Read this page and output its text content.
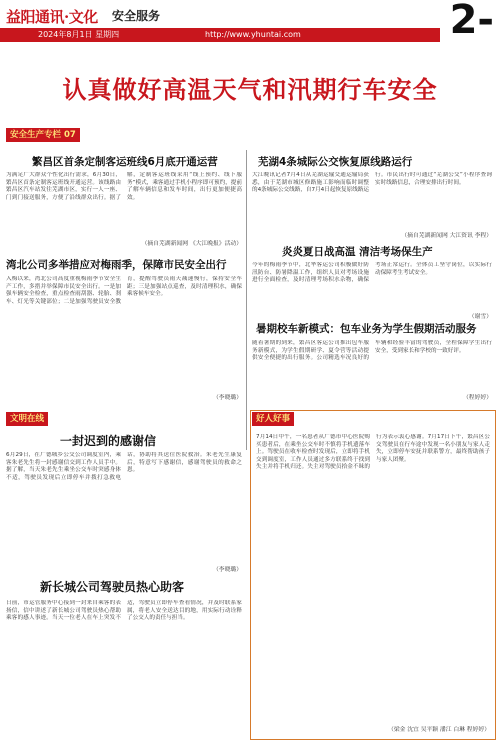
益阳通讯·文化 安全服务	2-
2024年8月1日 星期四	http://www.yhuntai.com
认真做好高温天气和汛期行车安全
安全生产专栏 07
繁昌区首条定制客运班线6月底开通运营
为满足广大群众个性化出行需求，6月30日，繁昌区首条定制客运班线开通运营。该线路由繁昌区汽车站发往芜湖市区，实行一人一座、门到门接送服务，方便了沿线群众出行。据了解，定制客运班线采用“线上预约、线下服务”模式，乘客通过手机小程序即可预约，提前了解车辆信息和发车时间，出行更加便捷高效。
（摘自芜湖新闻网 《大江晚报》活动）
芜湖4条城际公交恢复原线路运行
大江晚讯记者7月4日从芜湖运输交通运输局获悉，由于芜湖市城区修路施工影响而临时调整的4条城际公交线路，自7月4日起恢复原线路运行。市民出行时可通过“芜湖公交”小程序查询实时线路信息，合理安排出行时间。
（摘自芜湖新闻网 大江资讯 李程）
炎炎夏日战高温 清洁考场保生产
今年的梅雨季节中，北华客运公司积极做好防汛防台、防暑降温工作，组织人员对考场设施进行全面检查，及时清理考场积水杂物，确保考场正常运行。全体员工坚守岗位，以实际行动保障考生考试安全。
（谢雪）
湾北公司多举措应对梅雨季，保障市民安全出行
入梅以来，湾北公司高度重视梅雨季节安全生产工作，多措并举保障市民安全出行。一是加强车辆安全检查，重点检查雨刮器、轮胎、刹车、灯光等关键部位；二是加强驾驶员安全教育，提醒驾驶员雨天减速慢行，保持安全车距；三是加强站点巡查，及时清理积水，确保乘客候车安全。
（李晓璐）
暑期校车新模式：包车业务为学生假期活动服务
随着暑期的到来，繁昌区客运公司推出包车服务新模式，为学生假期研学、夏令营等活动提供安全便捷的出行服务。公司精选车况良好的车辆和经验丰富的驾驶员，全程保障学生出行安全，受到家长和学校的一致好评。
（程婷婷）
文明在线	好人好事
一封迟到的感谢信
6月29日，在广德城乡公交公司调度室内，乘客朱老先生将一封感谢信交到工作人员手中。据了解，当天朱老先生乘坐公交车时突感身体不适，驾驶员发现后立即停车并拨打急救电话，协助将其送往医院救治。朱老先生康复后，特意写下感谢信，感谢驾驶员的救命之恩。
（李晓璐）
新长城公司驾驶员热心助客
日前，市运管服务中心接到一封来自乘客的表扬信，信中讲述了新长城公司驾驶员热心帮助乘客的感人事迹。当天一位老人在车上突发不适，驾驶员立即停车查看情况，并及时联系家属，将老人安全送达目的地，用实际行动诠释了公交人的责任与担当。
7月14日中午，一名患者从广德市中心医院购买患者后，在乘坐公交车时不慎将手机遗落车上。驾驶员在收车检查时发现后，立即将手机交到调度室，工作人员通过多方联系终于找到失主并将手机归还。失主对驾驶员拾金不昧的行为表示衷心感谢。7月17日下午，繁昌区公交驾驶员在行车途中发现一名小朋友与家人走失，立即停车安抚并联系警方，最终帮助孩子与家人团聚。
（梁金 沈宜 吴平颖 潘江 白琳 程婷婷）
